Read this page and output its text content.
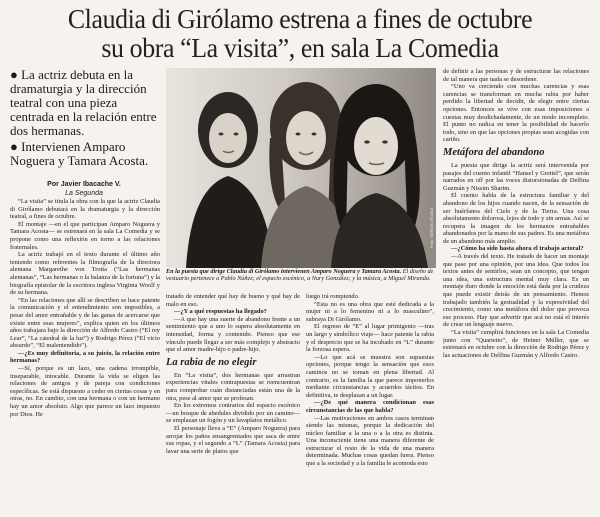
Claudia di Girólamo estrena a fines de octubre
su obra “La visita”, en sala La Comedia

● La actriz debuta en la dramaturgia y la dirección teatral con una pieza centrada en la relación entre dos hermanas.

● Intervienen Amparo Noguera y Tamara Acosta.

Por Javier Ibacache V.
La Segunda

“La visita” se titula la obra con la que la actriz Claudia di Girólamo debutará en la dramaturgia y la dirección teatral, a fines de octubre.

El montaje —en el que participan Amparo Noguera y Tamara Acosta— se estrenará en la sala La Comedia y se propone como una reflexión en torno a las relaciones fraternales.

La actriz trabajó en el texto durante el último año teniendo como referentes la filmografía de la directora alemana Margarethe von Trotta (“Las hermanas alemanas”, “Las hermanas o la balanza de la fortuna”) y la biografía epistolar de la escritora inglesa Virginia Woolf y de su hermana.

“En las relaciones que allí se describen se hace patente la comunicación y el entendimiento son imposibles, a pesar del amor entrañable y de las ganas de acercarse que existe entre esas mujeres”, explica quien en los últimos años trabajara bajo la dirección de Alfredo Castro (“El rey Lear”, “La catedral de la luz”) y Rodrigo Pérez (“El vicio absurdo”, “El malentendido”).

—¿Es muy definitoria, a su juicio, la relación entre hermanas?

—Sí, porque es un lazo, una cadena irrompible, inseparable, intocable. Durante la vida se eligen las relaciones de amigos y de pareja con condiciones específicas. Se está dispuesto a ceder en ciertas cosas y en otras, no. En cambio, con una hermana o con un hermano hay un amor absoluto. Algo que parece un lazo impuesto por Dios. He

Foto: SERGIO ROJAS
En la puesta que dirige Claudia di Girólamo intervienen Amparo Noguera y Tamara Acosta. El diseño de vestuario pertenece a Pablo Núñez; el espacio escénico, a Nury González; y la música, a Miguel Miranda.

tratado de entender qué hay de bueno y qué hay de malo en eso.

—¿Y a qué respuestas ha llegado?

—A que hay una suerte de abandono frente a un sentimiento que a uno lo supera absolutamente en intensidad, forma y contenido. Pienso que ese vínculo puede llegar a ser más complejo y abstracto que el amor madre-hijo o padre-hijo.

La rabia de no elegir

En “La visita”, dos hermanas que arrastran experiencias vitales contrapuestas se reencuentran para comprobar cuán distanciadas están una de la otra, pese al amor que se profesan.

En los extremos contrarios del espacio escénico —un bosque de abedules dividido por un camino— se emplazan un fogón y un lavaplatos metálico.

El personaje lleva a “E” (Amparo Noguera) para arrojar los paños ensangrentados que saca de entre sus ropas, y el segundo a “L” (Tamara Acosta) para lavar una serie de platos que

luego irá rompiendo.

“Esta no es una obra que esté dedicada a la mujer ni a lo femenino ni a lo masculino”, subraya Di Girólamo.

El regreso de “E” al lugar primigenio —tras un largo y simbólico viaje— hace patente la rabia y el desprecio que se ha incubado en “L” durante la forzosa espera.

—Lo que acá se muestra son supuestas opciones, porque tengo la sensación que esos caminos no se toman en plena libertad. Al contrario, es la familia la que parece imponerlos mediante circunstancias y acuerdos tácitos. En definitiva, te desplazan a un lugar.

—¿De qué manera condicionan esas circunstancias de las que habla?

—Las motivaciones en ambos casos terminan siendo las mismas, porque la dedicación del núcleo familiar a la una o a la otra es distinta. Una inconsciente tiene una manera diferente de estructurar el resto de la vida de una manera determinada. Muchas cosas quedan fuera. Pienso que a la sociedad y a la familia le acomoda esto

de definir a las personas y de estructurar las relaciones de tal manera que nada se desordene.

“Uno va creciendo con muchas carencias y esas carencias se transforman en mucha rabia por haber perdido la libertad de decidir, de elegir entre ciertas opciones. Entonces se vive con esas imposiciones a cuestas muy desdichadamente, de un modo incompleto. El punto no radica en tener la posibilidad de hacerlo todo, sino en que las opciones propias sean acogidas con cariño.

Metáfora del abandono

La puesta que dirige la actriz será intervenida por pasajes del cuento infantil “Hansel y Grettel”, que serán narrados en off por las voces distorsionadas de Delfina Guzmán y Nissim Sharim.

El cuento habla de la estructura familiar y del abandono de los hijos cuando nacen, de la sensación de ser huérfanos del Cielo y de la Tierra. Una cosa absolutamente dolorosa, lejos de todo y sin armas. Así se recupera la imagen de los hermanos entrañables abandonados por la mano de sus padres. Es una metáfora de un abandono más amplio.

—¿Cómo ha sido hasta ahora el trabajo actoral?

—A través del texto. He tratado de hacer un montaje que pase por una opinión, por una idea. Que todos los textos antes de sentirlos, sean un concepto, que tengan una idea, una estructura mental muy clara. Es un montaje duro donde la emoción está dada por la crudeza que puede existir detrás de un pensamiento. Hemos trabajado también la gestualidad y la expresividad del crecimiento, como una metáfora del dolor que provoca ese proceso. Hay que advertir que acá no está el interés de crear un lenguaje nuevo.

“La visita” cumplirá funciones en la sala La Comedia junto con “Quartetto”, de Heiner Müller, que se estrenará en octubre con la dirección de Rodrigo Pérez y las actuaciones de Delfina Guzmán y Alfredo Castro.
